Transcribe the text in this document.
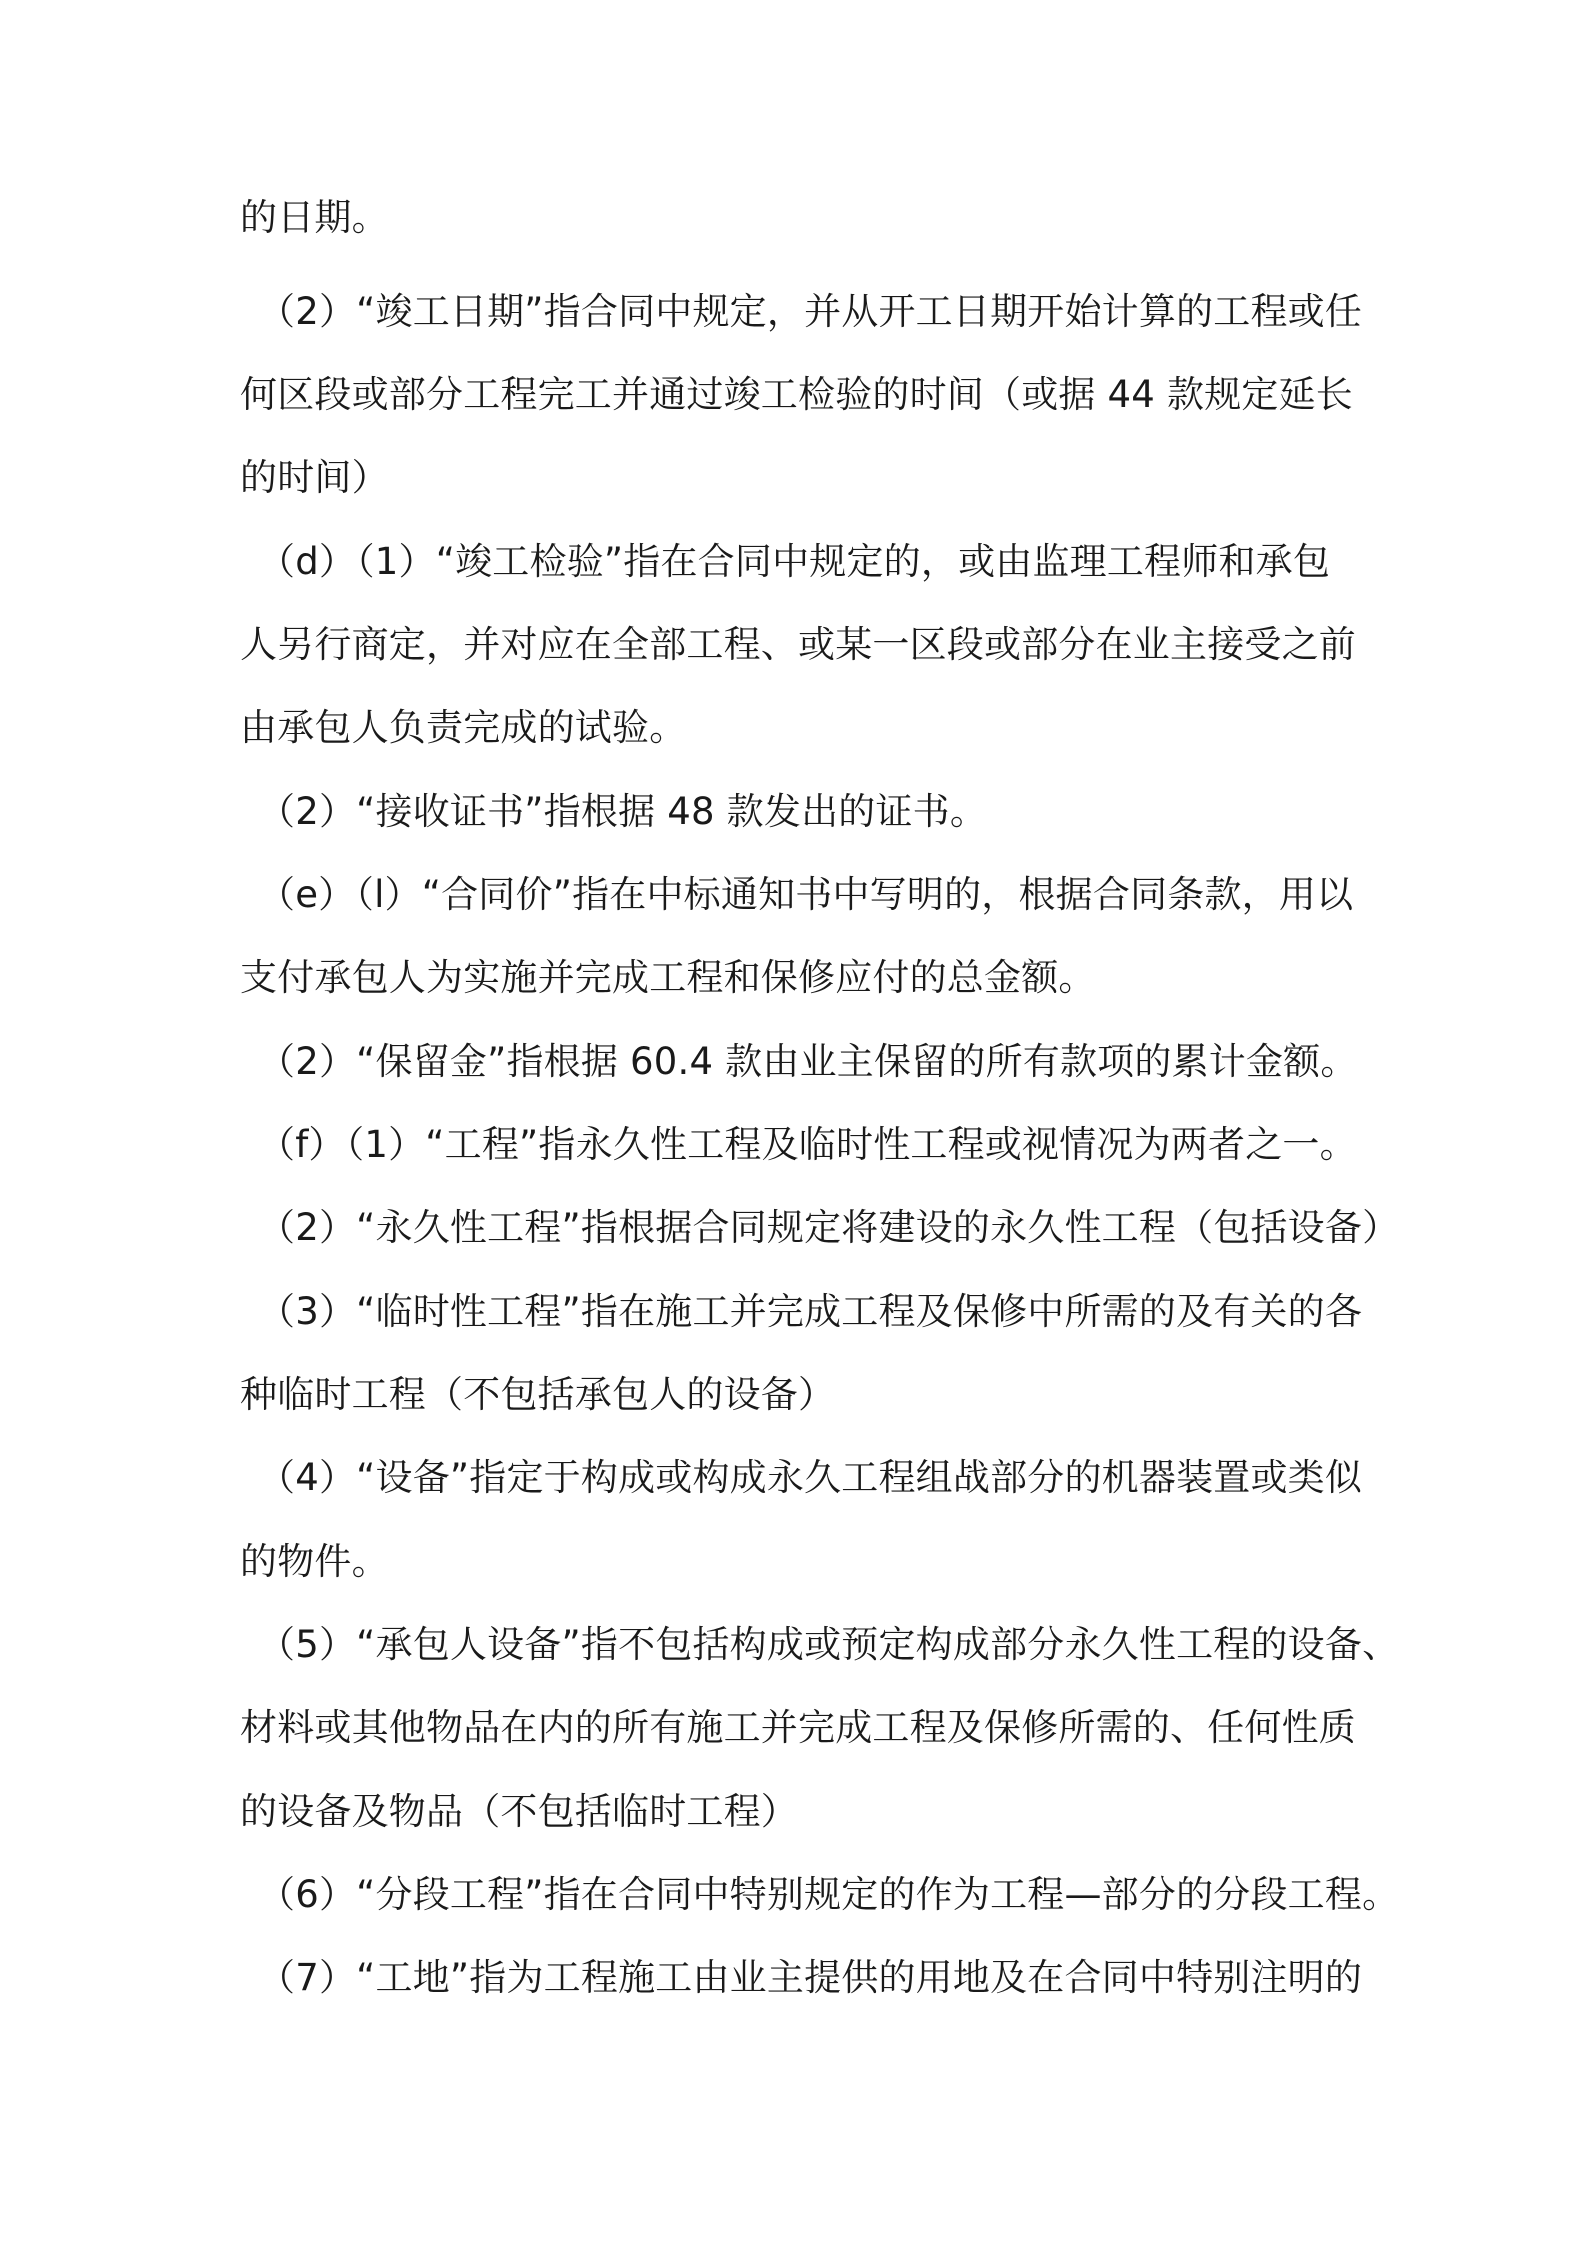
的日期。
（2）“竣工日期”指合同中规定，并从开工日期开始计算的工程或任
何区段或部分工程完工并通过竣工检验的时间（或据 44 款规定延长
的时间）
（d）（1）“竣工检验”指在合同中规定的，或由监理工程师和承包
人另行商定，并对应在全部工程、或某一区段或部分在业主接受之前
由承包人负责完成的试验。
（2）“接收证书”指根据 48 款发出的证书。
（e）（l）“合同价”指在中标通知书中写明的，根据合同条款，用以
支付承包人为实施并完成工程和保修应付的总金额。
（2）“保留金”指根据 60.4 款由业主保留的所有款项的累计金额。
（f）（1）“工程”指永久性工程及临时性工程或视情况为两者之一。
（2）“永久性工程”指根据合同规定将建设的永久性工程（包括设备）
（3）“临时性工程”指在施工并完成工程及保修中所需的及有关的各
种临时工程（不包括承包人的设备）
（4）“设备”指定于构成或构成永久工程组战部分的机器装置或类似
的物件。
（5）“承包人设备”指不包括构成或预定构成部分永久性工程的设备、
材料或其他物品在内的所有施工并完成工程及保修所需的、任何性质
的设备及物品（不包括临时工程）
（6）“分段工程”指在合同中特别规定的作为工程—部分的分段工程。
（7）“工地”指为工程施工由业主提供的用地及在合同中特别注明的
